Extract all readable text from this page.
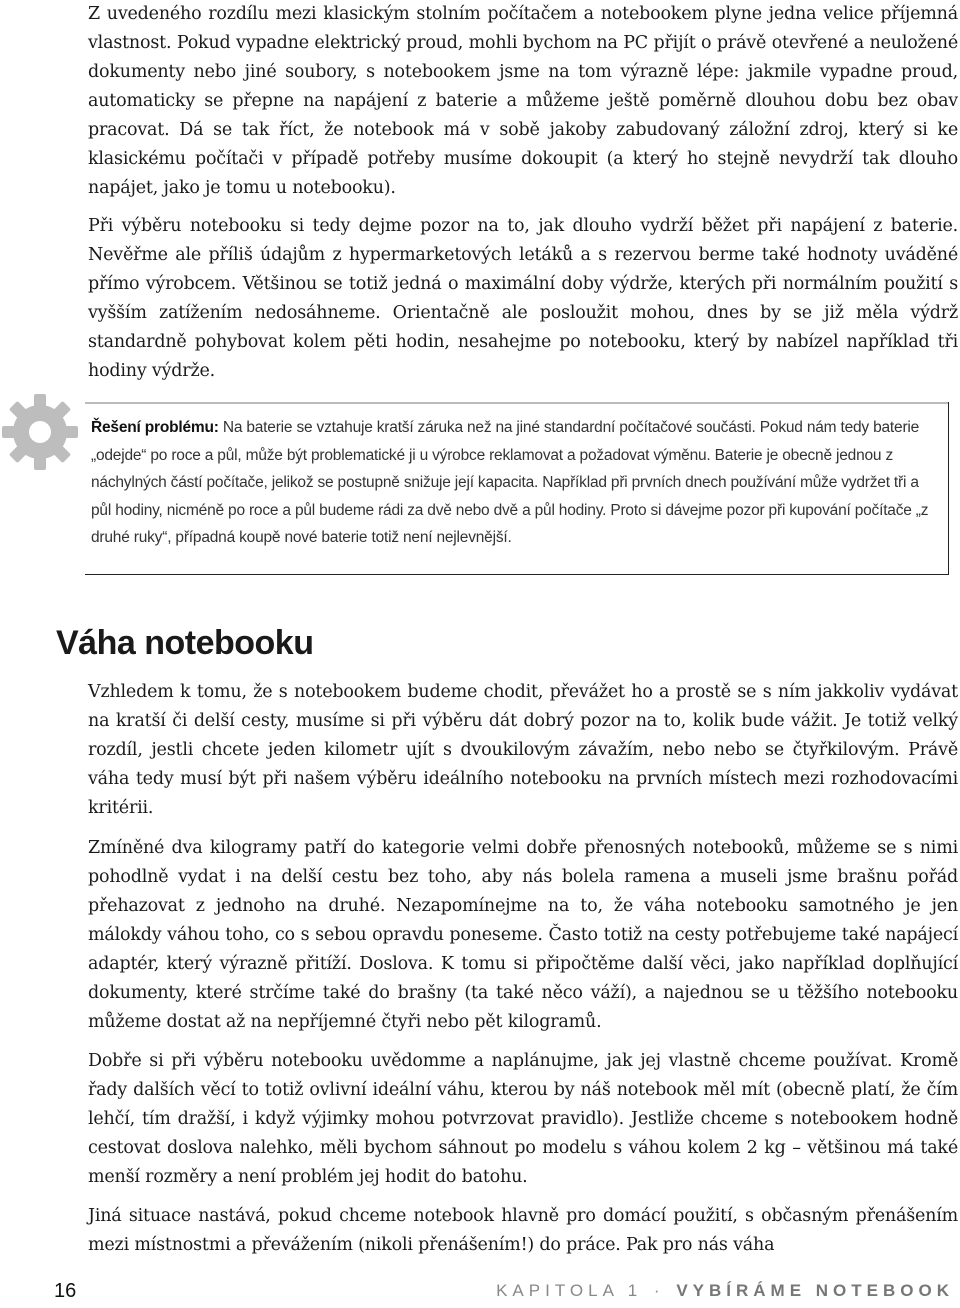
Z uvedeného rozdílu mezi klasickým stolním počítačem a notebookem plyne jedna velice příjemná vlastnost. Pokud vypadne elektrický proud, mohli bychom na PC přijít o právě otevřené a neuložené dokumenty nebo jiné soubory, s notebookem jsme na tom výrazně lépe: jakmile vypadne proud, automaticky se přepne na napájení z baterie a můžeme ještě poměrně dlouhou dobu bez obav pracovat. Dá se tak říct, že notebook má v sobě jakoby zabudovaný záložní zdroj, který si ke klasickému počítači v případě potřeby musíme dokoupit (a který ho stejně nevydrží tak dlouho napájet, jako je tomu u notebooku).

Při výběru notebooku si tedy dejme pozor na to, jak dlouho vydrží běžet při napájení z baterie. Nevěřme ale příliš údajům z hypermarketových letáků a s rezervou berme také hodnoty uváděné přímo výrobcem. Většinou se totiž jedná o maximální doby výdrže, kterých při normálním použití s vyšším zatížením nedosáhneme. Orientačně ale posloužit mohou, dnes by se již měla výdrž standardně pohybovat kolem pěti hodin, nesahejme po notebooku, který by nabízel například tři hodiny výdrže.

Řešení problému: Na baterie se vztahuje kratší záruka než na jiné standardní počítačové součásti. Pokud nám tedy baterie „odejde“ po roce a půl, může být problematické ji u výrobce reklamovat a požadovat výměnu. Baterie je obecně jednou z náchylných částí počítače, jelikož se postupně snižuje její kapacita. Například při prvních dnech používání může vydržet tři a půl hodiny, nicméně po roce a půl budeme rádi za dvě nebo dvě a půl hodiny. Proto si dávejme pozor při kupování počítače „z druhé ruky“, případná koupě nové baterie totiž není nejlevnější.

Váha notebooku

Vzhledem k tomu, že s notebookem budeme chodit, převážet ho a prostě se s ním jakkoliv vydávat na kratší či delší cesty, musíme si při výběru dát dobrý pozor na to, kolik bude vážit. Je totiž velký rozdíl, jestli chcete jeden kilometr ujít s dvoukilovým závažím, nebo nebo se čtyřkilovým. Právě váha tedy musí být při našem výběru ideálního notebooku na prvních místech mezi rozhodovacími kritérii.

Zmíněné dva kilogramy patří do kategorie velmi dobře přenosných notebooků, můžeme se s nimi pohodlně vydat i na delší cestu bez toho, aby nás bolela ramena a museli jsme brašnu pořád přehazovat z jednoho na druhé. Nezapomínejme na to, že váha notebooku samotného je jen málokdy váhou toho, co s sebou opravdu poneseme. Často totiž na cesty potřebujeme také napájecí adaptér, který výrazně přitíží. Doslova. K tomu si připočtěme další věci, jako například doplňující dokumenty, které strčíme také do brašny (ta také něco váží), a najednou se u těžšího notebooku můžeme dostat až na nepříjemné čtyři nebo pět kilogramů.

Dobře si při výběru notebooku uvědomme a naplánujme, jak jej vlastně chceme používat. Kromě řady dalších věcí to totiž ovlivní ideální váhu, kterou by náš notebook měl mít (obecně platí, že čím lehčí, tím dražší, i když výjimky mohou potvrzovat pravidlo). Jestliže chceme s notebookem hodně cestovat doslova nalehko, měli bychom sáhnout po modelu s váhou kolem 2 kg – většinou má také menší rozměry a není problém jej hodit do batohu.

Jiná situace nastává, pokud chceme notebook hlavně pro domácí použití, s občasným přenášením mezi místnostmi a převážením (nikoli přenášením!) do práce. Pak pro nás váha

16	KAPITOLA 1 · VYBÍRÁME NOTEBOOK
